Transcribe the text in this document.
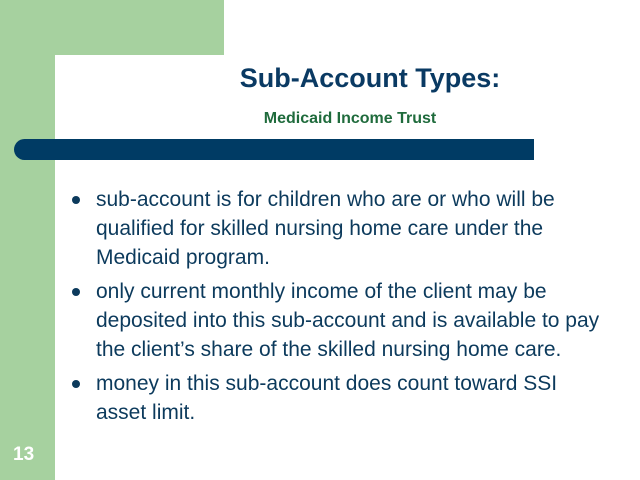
Sub-Account Types:
Medicaid Income Trust
sub-account is for children who are or who will be qualified for skilled nursing home care under the Medicaid program.
only current monthly income of the client may be deposited into this sub-account and is available to pay the client’s share of the skilled nursing home care.
money in this sub-account does count toward SSI asset limit.
13
